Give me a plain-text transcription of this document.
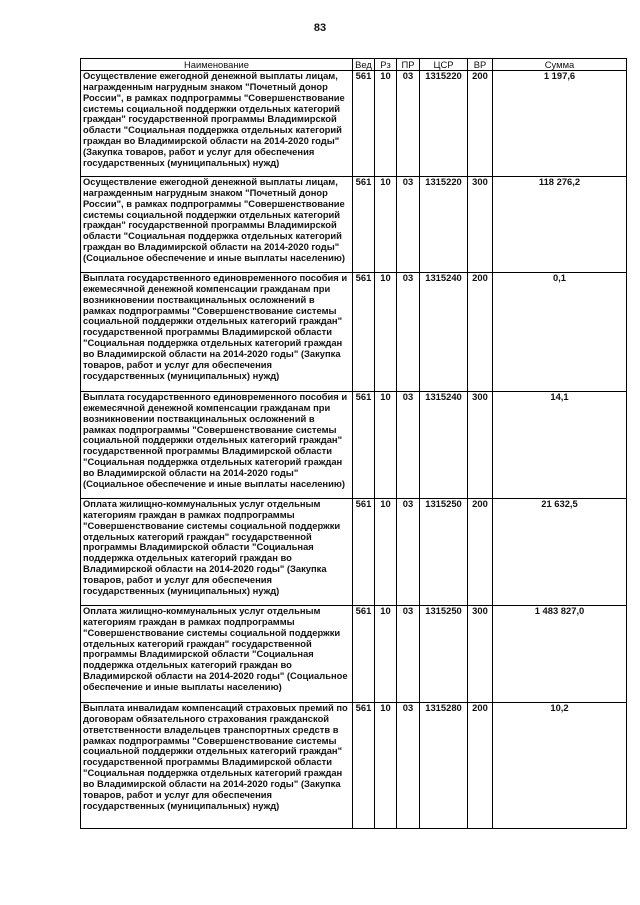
83
Наименование	Вед	Рз	ПР	ЦСР	ВР	Сумма
Осуществление ежегодной денежной выплаты лицам, награжденным нагрудным знаком "Почетный донор России", в рамках подпрограммы "Совершенствование системы социальной поддержки отдельных категорий граждан" государственной программы Владимирской области "Социальная поддержка отдельных категорий граждан во Владимирской области на 2014-2020 годы" (Закупка товаров, работ и услуг для обеспечения государственных (муниципальных) нужд)	561	10	03	1315220	200	1 197,6
Осуществление ежегодной денежной выплаты лицам, награжденным нагрудным знаком "Почетный донор России", в рамках подпрограммы "Совершенствование системы социальной поддержки отдельных категорий граждан" государственной программы Владимирской области "Социальная поддержка отдельных категорий граждан во Владимирской области на 2014-2020 годы" (Социальное обеспечение и иные выплаты населению)	561	10	03	1315220	300	118 276,2
Выплата государственного единовременного пособия и ежемесячной денежной компенсации гражданам при возникновении поствакцинальных осложнений в рамках подпрограммы "Совершенствование системы социальной поддержки отдельных категорий граждан" государственной программы Владимирской области "Социальная поддержка отдельных категорий граждан во Владимирской области на 2014-2020 годы" (Закупка товаров, работ и услуг для обеспечения государственных (муниципальных) нужд)	561	10	03	1315240	200	0,1
Выплата государственного единовременного пособия и ежемесячной денежной компенсации гражданам при возникновении поствакцинальных осложнений в рамках подпрограммы "Совершенствование системы социальной поддержки отдельных категорий граждан" государственной программы Владимирской области "Социальная поддержка отдельных категорий граждан во Владимирской области на 2014-2020 годы" (Социальное обеспечение и иные выплаты населению)	561	10	03	1315240	300	14,1
Оплата жилищно-коммунальных услуг отдельным категориям граждан в рамках подпрограммы "Совершенствование системы социальной поддержки отдельных категорий граждан" государственной программы Владимирской области "Социальная поддержка отдельных категорий граждан во Владимирской области на 2014-2020 годы" (Закупка товаров, работ и услуг для обеспечения государственных (муниципальных) нужд)	561	10	03	1315250	200	21 632,5
Оплата жилищно-коммунальных услуг отдельным категориям граждан в рамках подпрограммы "Совершенствование системы социальной поддержки отдельных категорий граждан" государственной программы Владимирской области "Социальная поддержка отдельных категорий граждан во Владимирской области на 2014-2020 годы" (Социальное обеспечение и иные выплаты населению)	561	10	03	1315250	300	1 483 827,0
Выплата инвалидам компенсаций страховых премий по договорам обязательного страхования гражданской ответственности владельцев транспортных средств в рамках подпрограммы "Совершенствование системы социальной поддержки отдельных категорий граждан" государственной программы Владимирской области "Социальная поддержка отдельных категорий граждан во Владимирской области на 2014-2020 годы" (Закупка товаров, работ и услуг для обеспечения государственных (муниципальных) нужд)	561	10	03	1315280	200	10,2
